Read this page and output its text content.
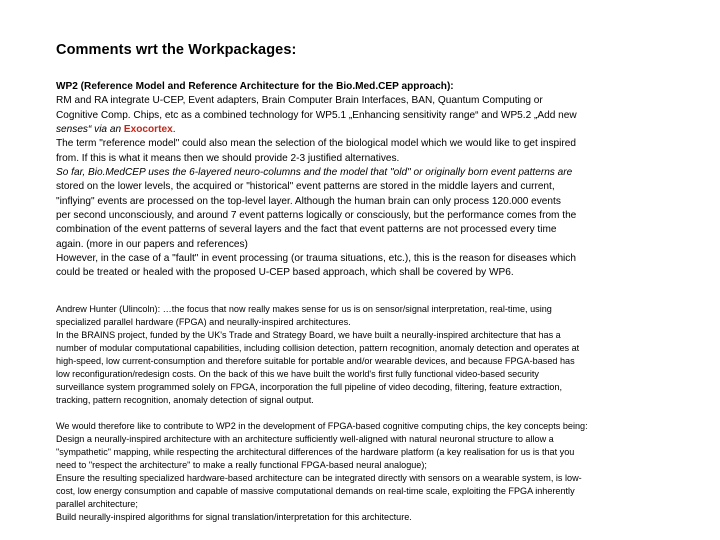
Comments wrt the Workpackages:
WP2 (Reference Model and Reference Architecture for the Bio.Med.CEP approach):
RM and RA integrate U-CEP, Event adapters, Brain Computer Brain Interfaces, BAN, Quantum Computing or
Cognitive Comp. Chips, etc as a combined technology for WP5.1 „Enhancing sensitivity range“ and WP5.2 „Add new
senses“ via an Exocortex.
The term "reference model" could also mean the selection of the biological model which we would like to get inspired
from. If this is what it means then we should provide 2-3 justified alternatives.
So far, Bio.MedCEP uses the 6-layered neuro-columns and the model that "old" or originally born event patterns are
stored on the lower levels, the acquired or "historical" event patterns are stored in the middle layers and current,
"inflying" events are processed on the top-level layer. Although the human brain can only process 120.000 events
per second unconsciously, and around 7 event patterns logically or consciously, but the performance comes from the
combination of the event patterns of several layers and the fact that event patterns are not processed every time
again. (more in our papers and references)
However, in the case of a "fault" in event processing (or trauma situations, etc.), this is the reason for diseases which
could be treated or healed with the proposed U-CEP based approach, which shall be covered by WP6.
Andrew Hunter (Ulincoln): …the focus that now really makes sense for us is on sensor/signal interpretation, real-time, using
specialized parallel hardware (FPGA) and neurally-inspired architectures.
In the BRAINS project, funded by the UK's Trade and Strategy Board, we have built a neurally-inspired architecture that has a
number of modular computational capabilities, including collision detection, pattern recognition, anomaly detection and operates at
high-speed, low current-consumption and therefore suitable for portable and/or wearable devices, and because FPGA-based has
low reconfiguration/redesign costs. On the back of this we have built the world's first fully functional video-based security
surveillance system programmed solely on FPGA, incorporation the full pipeline of video decoding, filtering, feature extraction,
tracking, pattern recognition, anomaly detection of signal output.
We would therefore like to contribute to WP2 in the development of FPGA-based cognitive computing chips, the key concepts being:
Design a neurally-inspired architecture with an architecture sufficiently well-aligned with natural neuronal structure to allow a
"sympathetic" mapping, while respecting the architectural differences of the hardware platform (a key realisation for us is that you
need to "respect the architecture" to make a really functional FPGA-based neural analogue);
Ensure the resulting specialized hardware-based architecture can be integrated directly with sensors on a wearable system, is low-
cost, low energy consumption and capable of massive computational demands on real-time scale, exploiting the FPGA inherently
parallel architecture;
Build neurally-inspired algorithms for signal translation/interpretation for this architecture.
